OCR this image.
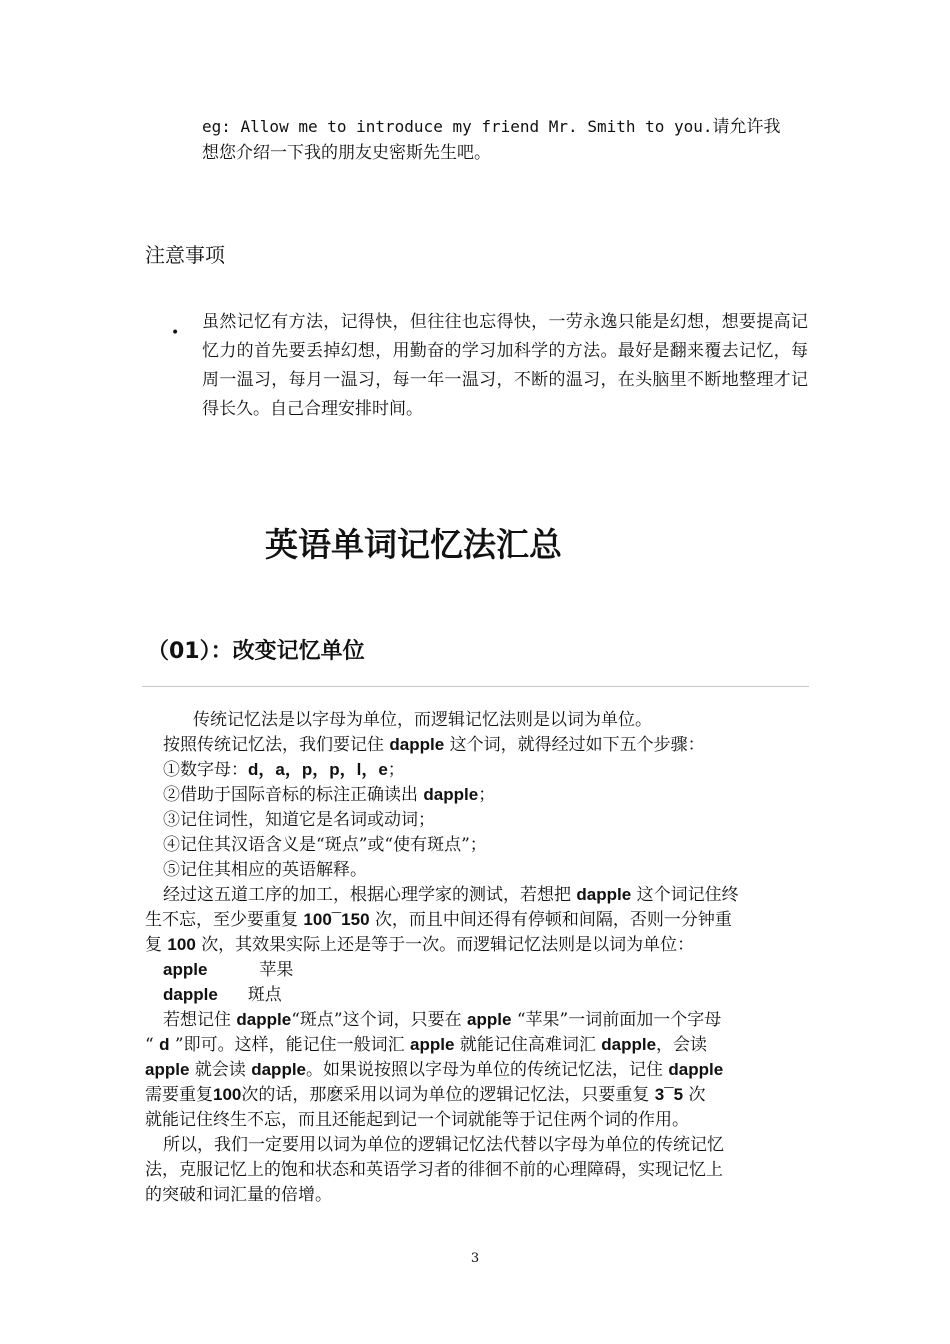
eg: Allow me to introduce my friend Mr. Smith to you.请允许我
想您介绍一下我的朋友史密斯先生吧。
注意事项
•
虽然记忆有方法，记得快，但往往也忘得快，一劳永逸只能是幻想，想要提高记忆力的首先要丢掉幻想，用勤奋的学习加科学的方法。最好是翻来覆去记忆，每周一温习，每月一温习，每一年一温习，不断的温习，在头脑里不断地整理才记得长久。自己合理安排时间。
英语单词记忆法汇总
（01）：改变记忆单位
传统记忆法是以字母为单位，而逻辑记忆法则是以词为单位。
按照传统记忆法，我们要记住 dapple 这个词，就得经过如下五个步骤：
①数字母：d，a，p，p，l，e；
②借助于国际音标的标注正确读出 dapple；
③记住词性，知道它是名词或动词；
④记住其汉语含义是“斑点”或“使有斑点”；
⑤记住其相应的英语解释。
经过这五道工序的加工，根据心理学家的测试，若想把 dapple 这个词记住终
生不忘，至少要重复 100¯150 次，而且中间还得有停顿和间隔，否则一分钟重
复 100 次，其效果实际上还是等于一次。而逻辑记忆法则是以词为单位：
apple	苹果
dapple 斑点
若想记住 dapple“斑点”这个词，只要在 apple “苹果”一词前面加一个字母
“ d ”即可。这样，能记住一般词汇 apple 就能记住高难词汇 dapple，会读
apple 就会读 dapple。如果说按照以字母为单位的传统记忆法，记住 dapple
需要重复100次的话，那麽采用以词为单位的逻辑记忆法，只要重复 3¯5 次
就能记住终生不忘，而且还能起到记一个词就能等于记住两个词的作用。
所以，我们一定要用以词为单位的逻辑记忆法代替以字母为单位的传统记忆
法，克服记忆上的饱和状态和英语学习者的徘徊不前的心理障碍，实现记忆上
的突破和词汇量的倍增。
3
